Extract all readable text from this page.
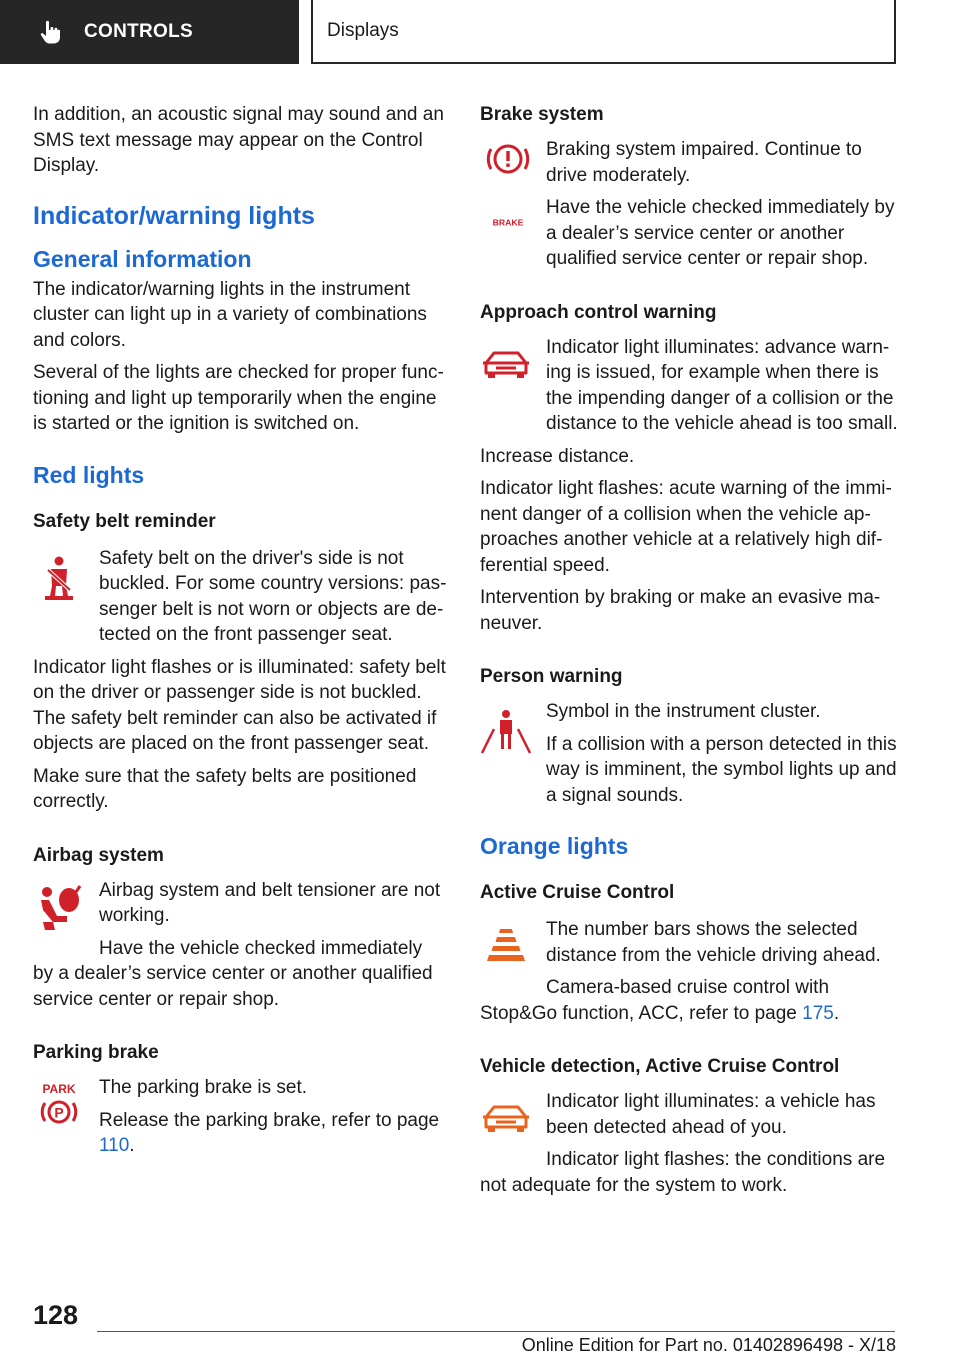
CONTROLS	Displays

In addition, an acoustic signal may sound and an SMS text message may appear on the Control Display.

Indicator/warning lights
General information

The indicator/warning lights in the instrument cluster can light up in a variety of combinations and colors.

Several of the lights are checked for proper func‐tioning and light up temporarily when the engine is started or the ignition is switched on.

Red lights
Safety belt reminder

Safety belt on the driver's side is not buckled. For some country versions: pas‐senger belt is not worn or objects are de‐tected on the front passenger seat.

Indicator light flashes or is illuminated: safety belt on the driver or passenger side is not buckled. The safety belt reminder can also be activated if objects are placed on the front passenger seat.

Make sure that the safety belts are positioned correctly.

Airbag system

Airbag system and belt tensioner are not working.

Have the vehicle checked immediately by a dealer’s service center or another qualified service center or repair shop.

Parking brake
PARK
P

The parking brake is set.

Release the parking brake, refer to page 110.

Brake system
BRAKE

Braking system impaired. Continue to drive moderately.

Have the vehicle checked immediately by a dealer’s service center or another qualified service center or repair shop.

Approach control warning

Indicator light illuminates: advance warn‐ing is issued, for example when there is the impending danger of a collision or the distance to the vehicle ahead is too small.

Increase distance.

Indicator light flashes: acute warning of the immi‐nent danger of a collision when the vehicle ap‐proaches another vehicle at a relatively high dif‐ferential speed.

Intervention by braking or make an evasive ma‐neuver.

Person warning

Symbol in the instrument cluster.

If a collision with a person detected in this way is imminent, the symbol lights up and a signal sounds.

Orange lights
Active Cruise Control

The number bars shows the selected distance from the vehicle driving ahead.

Camera-based cruise control with Stop&Go function, ACC, refer to page 175.

Vehicle detection, Active Cruise Control

Indicator light illuminates: a vehicle has been detected ahead of you.

Indicator light flashes: the conditions are not adequate for the system to work.

128
Online Edition for Part no. 01402896498 - X/18
